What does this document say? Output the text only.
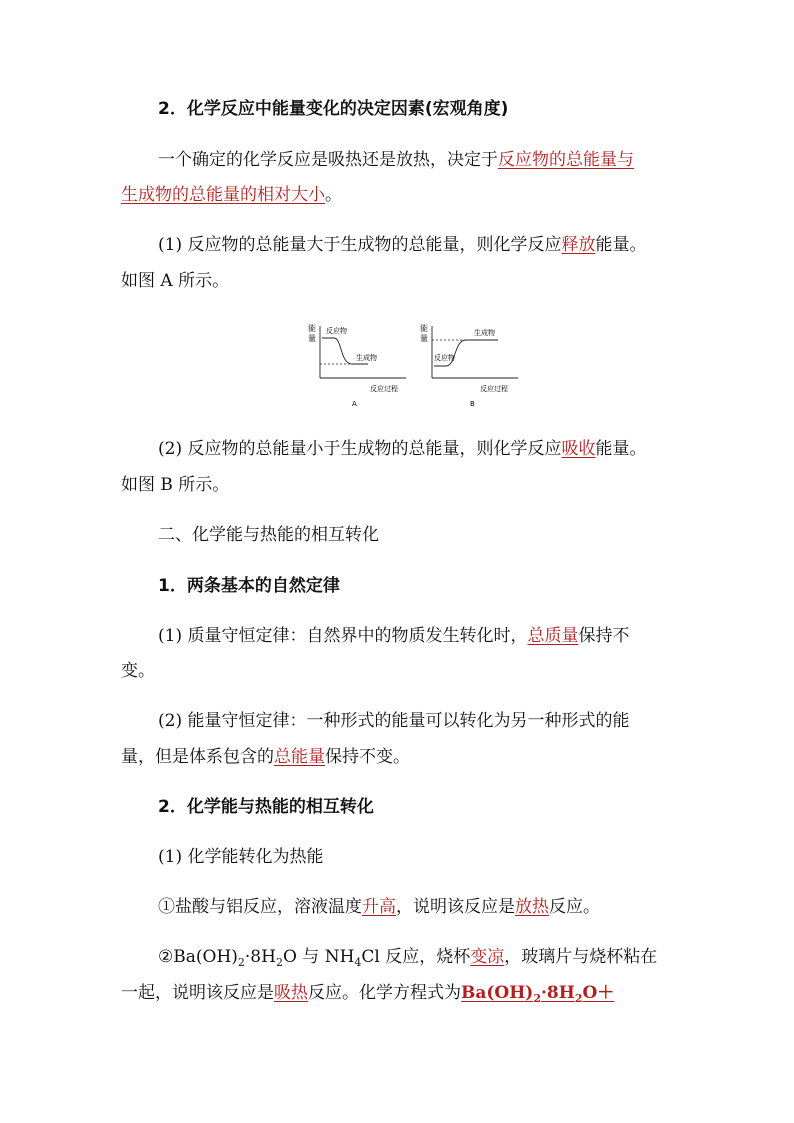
2．化学反应中能量变化的决定因素(宏观角度)
一个确定的化学反应是吸热还是放热，决定于反应物的总能量与
生成物的总能量的相对大小。
(1) 反应物的总能量大于生成物的总能量，则化学反应释放能量。
如图 A 所示。
能
量
反应物
生成物
反应过程
A
能
量
生成物
反应物
反应过程
B
(2) 反应物的总能量小于生成物的总能量，则化学反应吸收能量。
如图 B 所示。
二、化学能与热能的相互转化
1．两条基本的自然定律
(1) 质量守恒定律：自然界中的物质发生转化时，总质量保持不
变。
(2) 能量守恒定律：一种形式的能量可以转化为另一种形式的能
量，但是体系包含的总能量保持不变。
2．化学能与热能的相互转化
(1) 化学能转化为热能
①盐酸与铝反应，溶液温度升高，说明该反应是放热反应。
$②Ba(OH)_2\cdot 8H_2O$ 与 $NH_4Cl$ 反应，烧杯变凉，玻璃片与烧杯粘在
一起，说明该反应是吸热反应。化学方程式为$Ba(OH)_2\cdot 8H_2O+$
